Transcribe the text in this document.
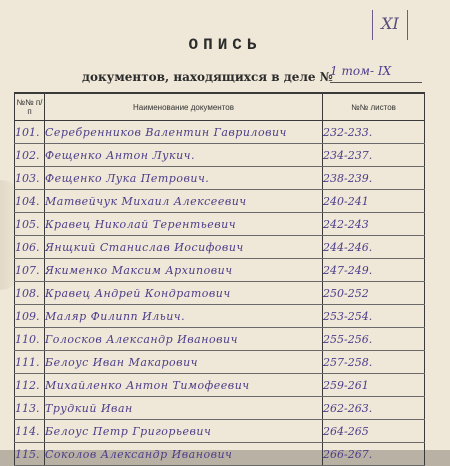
XI
ОПИСЬ
документов, находящихся в деле №
1 том- IX
№№ п/п	Наименование документов	№№ листов
101.	Серебренников Валентин Гаврилович	232-233.
102.	Фещенко Антон Лукич.	234-237.
103.	Фещенко Лука Петрович.	238-239.
104.	Матвейчук Михаил Алексеевич	240-241
105.	Кравец Николай Терентьевич	242-243
106.	Янщкий Станислав Иосифович	244-246.
107.	Якименко Максим Архипович	247-249.
108.	Кравец Андрей Кондратович	250-252
109.	Маляр Филипп Ильич.	253-254.
110.	Голосков Александр Иванович	255-256.
111.	Белоус Иван Макарович	257-258.
112.	Михайленко Антон Тимофеевич	259-261
113.	Трудкий Иван	262-263.
114.	Белоус Петр Григорьевич	264-265
115.	Соколов Александр Иванович	266-267.
